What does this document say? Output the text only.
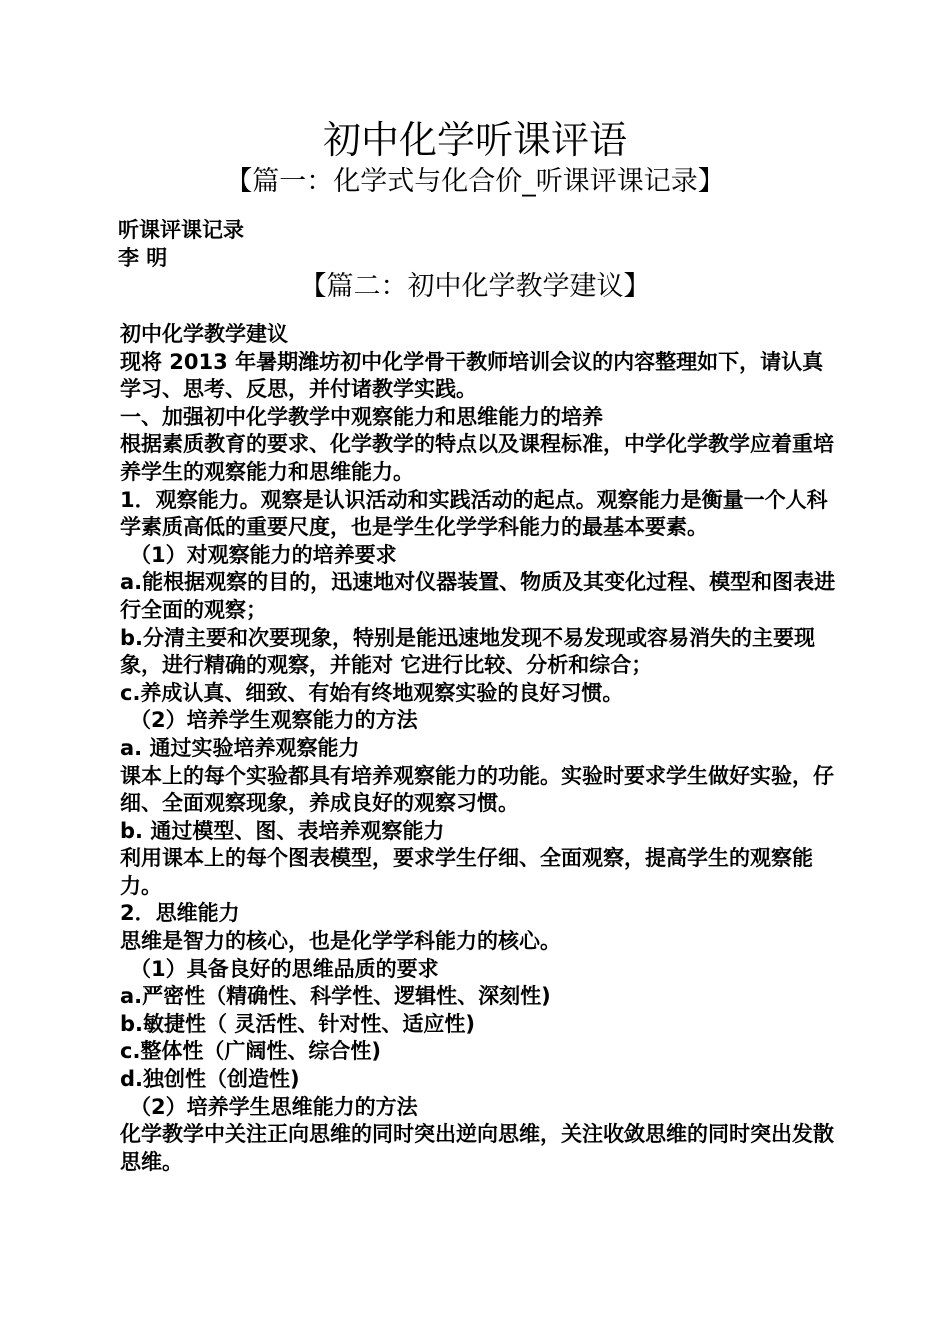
初中化学听课评语
【篇一：化学式与化合价_听课评课记录】
听课评课记录
李 明
【篇二：初中化学教学建议】

初中化学教学建议

现将 2013 年暑期潍坊初中化学骨干教师培训会议的内容整理如下，请认真学习、思考、反思，并付诸教学实践。

一、加强初中化学教学中观察能力和思维能力的培养

根据素质教育的要求、化学教学的特点以及课程标准，中学化学教学应着重培养学生的观察能力和思维能力。

1．观察能力。观察是认识活动和实践活动的起点。观察能力是衡量一个人科学素质高低的重要尺度，也是学生化学学科能力的最基本要素。

（1）对观察能力的培养要求

a.能根据观察的目的，迅速地对仪器装置、物质及其变化过程、模型和图表进行全面的观察；

b.分清主要和次要现象，特别是能迅速地发现不易发现或容易消失的主要现象，进行精确的观察，并能对 它进行比较、分析和综合；

c.养成认真、细致、有始有终地观察实验的良好习惯。

（2）培养学生观察能力的方法

a. 通过实验培养观察能力

课本上的每个实验都具有培养观察能力的功能。实验时要求学生做好实验，仔细、全面观察现象，养成良好的观察习惯。

b. 通过模型、图、表培养观察能力

利用课本上的每个图表模型，要求学生仔细、全面观察，提高学生的观察能力。

2．思维能力

思维是智力的核心，也是化学学科能力的核心。

（1）具备良好的思维品质的要求

a.严密性（精确性、科学性、逻辑性、深刻性)

b.敏捷性（ 灵活性、针对性、适应性)

c.整体性（广阔性、综合性)

d.独创性（创造性)

（2）培养学生思维能力的方法

化学教学中关注正向思维的同时突出逆向思维，关注收敛思维的同时突出发散思维。
